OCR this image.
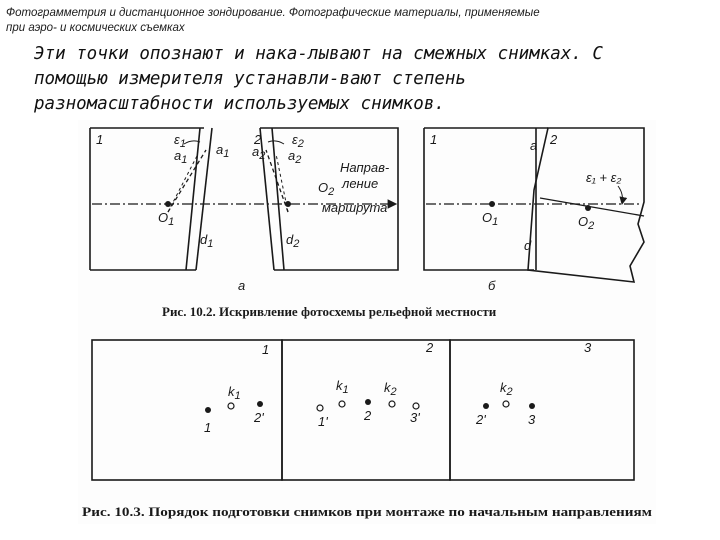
Фотограмметрия и дистанционное зондирование. Фотографические материалы, применяемые
при аэро- и космических съемках
Эти точки опознают и нака-лывают на смежных снимках. С
помощью измерителя устанавли-вают степень
разномасштабности используемых снимков.
1	2
$\varepsilon_1$
$a_1$
$a_1$ $a_2$
$\varepsilon_2$
$a_2$
$O_1$
$O_2$
$d_1$	$d_2$
Направ-
ление
маршрута
а
1	2
a
d
$O_1$	$O_2$
ε₁ + ε₂
б
Рис. 10.2. Искривление фотосхемы рельефной местности
1	2	3
1
$k_1$
2'	1'
$k_1$
2
$k_2$
3'	2'
$k_2$
3
Рис. 10.3. Порядок подготовки снимков при монтаже по начальным направлениям
